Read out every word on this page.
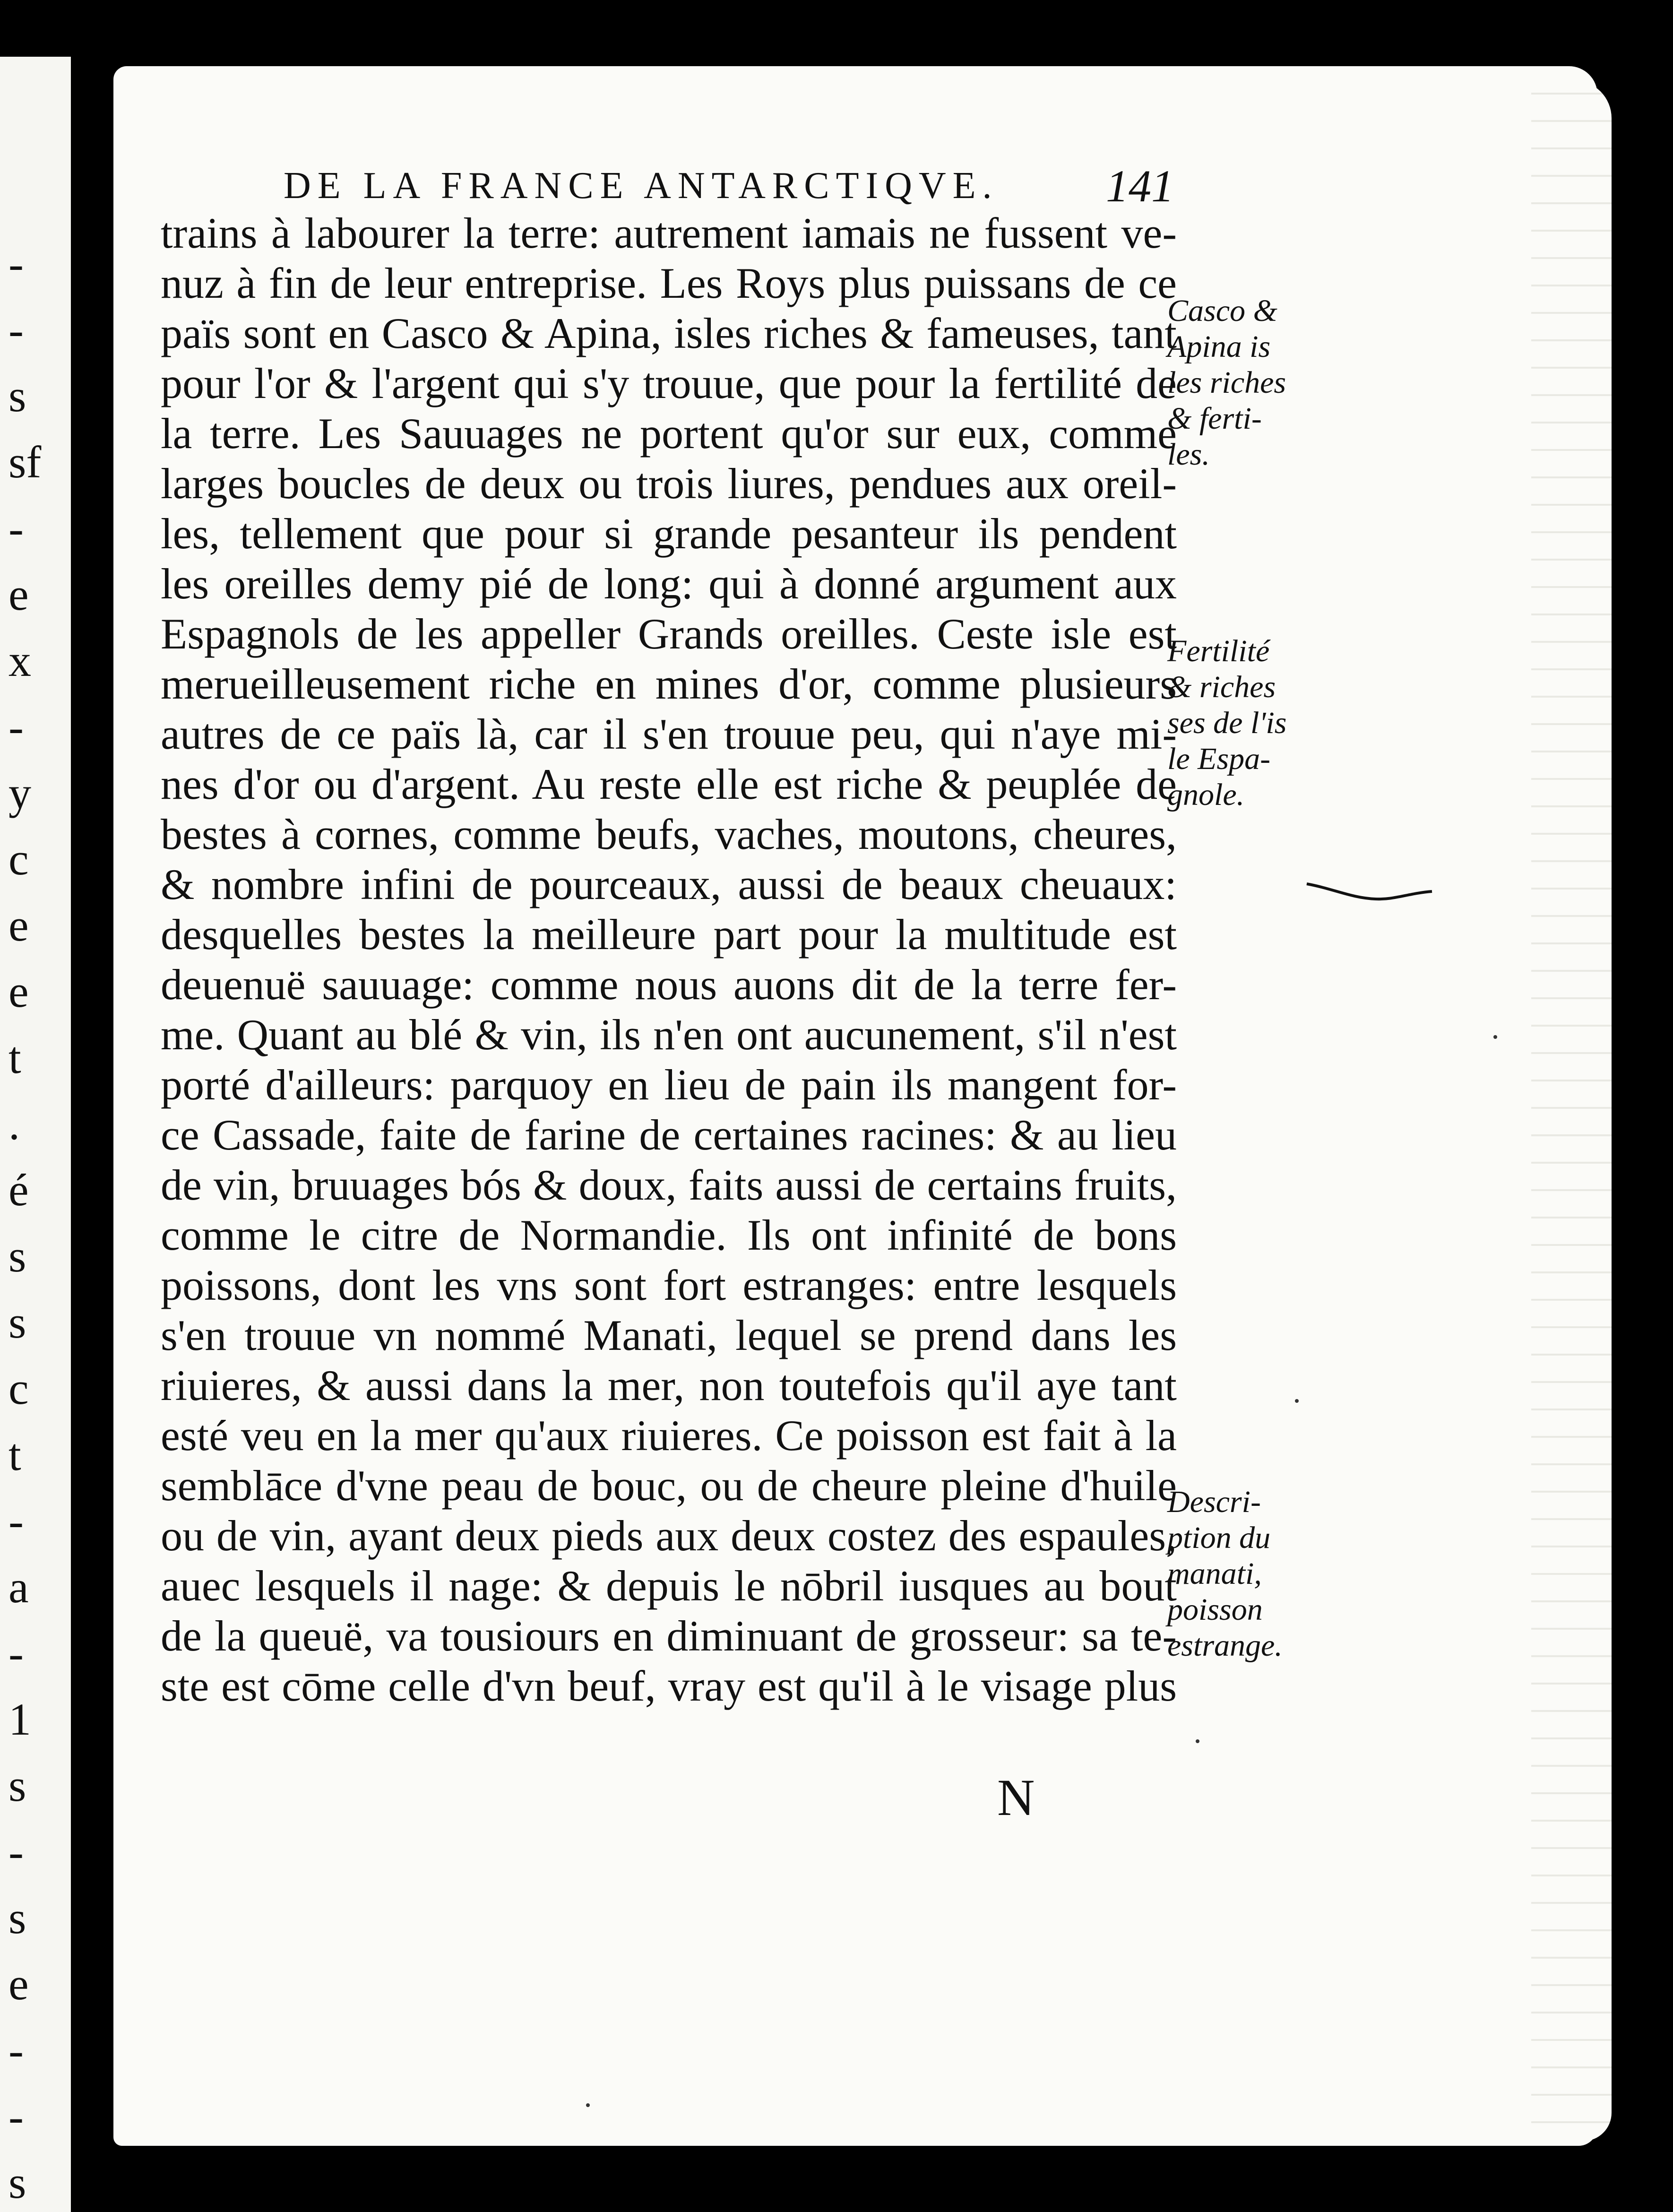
-
-
s
sf
-
e
x
-
y
c
e
e
t
.
é
s
s
c
t
-
a
-
1
s
-
s
e
-
-
s
DE LA FRANCE ANTARCTIQVE.	141
trains à labourer la terre: autrement iamais ne fussent ve-
nuz à fin de leur entreprise. Les Roys plus puissans de ce
païs sont en Casco & Apina, isles riches & fameuses, tant
pour l'or & l'argent qui s'y trouue, que pour la fertilité de
la terre. Les Sauuages ne portent qu'or sur eux, comme
larges boucles de deux ou trois liures, pendues aux oreil-
les, tellement que pour si grande pesanteur ils pendent
les oreilles demy pié de long: qui à donné argument aux
Espagnols de les appeller Grands oreilles. Ceste isle est
merueilleusement riche en mines d'or, comme plusieurs
autres de ce païs là, car il s'en trouue peu, qui n'aye mi-
nes d'or ou d'argent. Au reste elle est riche & peuplée de
bestes à cornes, comme beufs, vaches, moutons, cheures,
& nombre infini de pourceaux, aussi de beaux cheuaux:
desquelles bestes la meilleure part pour la multitude est
deuenuë sauuage: comme nous auons dit de la terre fer-
me. Quant au blé & vin, ils n'en ont aucunement, s'il n'est
porté d'ailleurs: parquoy en lieu de pain ils mangent for-
ce Cassade, faite de farine de certaines racines: & au lieu
de vin, bruuages bós & doux, faits aussi de certains fruits,
comme le citre de Normandie. Ils ont infinité de bons
poissons, dont les vns sont fort estranges: entre lesquels
s'en trouue vn nommé Manati, lequel se prend dans les
riuieres, & aussi dans la mer, non toutefois qu'il aye tant
esté veu en la mer qu'aux riuieres. Ce poisson est fait à la
semblāce d'vne peau de bouc, ou de cheure pleine d'huile
ou de vin, ayant deux pieds aux deux costez des espaules,
auec lesquels il nage: & depuis le nōbril iusques au bout
de la queuë, va tousiours en diminuant de grosseur: sa te-
ste est cōme celle d'vn beuf, vray est qu'il à le visage plus
Casco &
Apina is
les riches
& ferti-
les.
Fertilité
& riches
ses de l'is
le Espa-
gnole.
Descri-
ption du
manati,
poisson
estrange.
N
